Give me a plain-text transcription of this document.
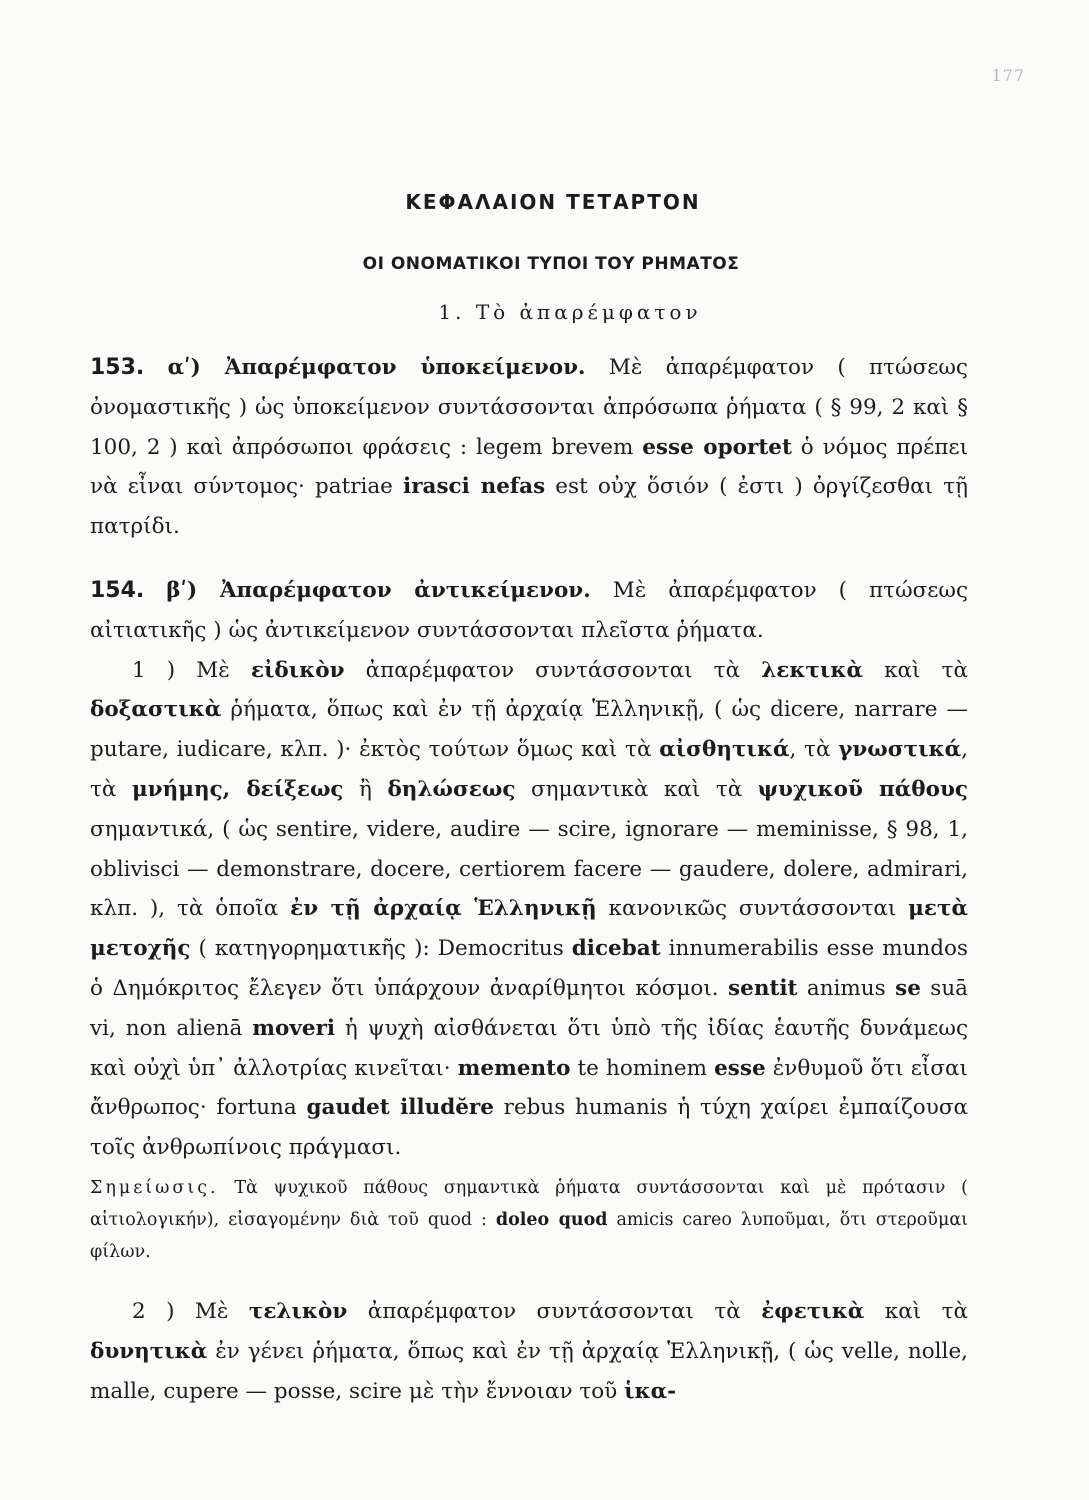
177
ΚΕΦΑΛΑΙΟΝ ΤΕΤΑΡΤΟΝ
ΟΙ ΟΝΟΜΑΤΙΚΟΙ ΤΥΠΟΙ ΤΟΥ ΡΗΜΑΤΟΣ
1. Τὸ ἀπαρέμφατον

153. αʹ) Ἀπαρέμφατον ὑποκείμενον. Μὲ ἀπαρέμφατον ( πτώσεως ὀνομαστικῆς ) ὡς ὑποκείμενον συντάσσονται ἀπρόσωπα ῥήματα ( § 99, 2 καὶ § 100, 2 ) καὶ ἀπρόσωποι φράσεις : legem brevem esse oportet ὁ νόμος πρέπει νὰ εἶναι σύντομος· patriae irasci nefas est οὐχ ὅσιόν ( ἐστι ) ὀργίζεσθαι τῇ πατρίδι.

154. βʹ) Ἀπαρέμφατον ἀντικείμενον. Μὲ ἀπαρέμφατον ( πτώσεως αἰτιατικῆς ) ὡς ἀντικείμενον συντάσσονται πλεῖστα ῥήματα.

1 ) Μὲ εἰδικὸν ἀπαρέμφατον συντάσσονται τὰ λεκτικὰ καὶ τὰ δοξαστικὰ ῥήματα, ὅπως καὶ ἐν τῇ ἀρχαίᾳ Ἑλληνικῇ, ( ὡς dicere, narrare — putare, iudicare, κλπ. )· ἐκτὸς τούτων ὅμως καὶ τὰ αἰσθητικά, τὰ γνωστικά, τὰ μνήμης, δείξεως ἢ δηλώσεως σημαντικὰ καὶ τὰ ψυχικοῦ πάθους σημαντικά, ( ὡς sentire, videre, audire — scire, ignorare — meminisse, § 98, 1, oblivisci — demonstrare, docere, certiorem facere — gaudere, dolere, admirari, κλπ. ), τὰ ὁποῖα ἐν τῇ ἀρχαίᾳ Ἑλληνικῇ κανονικῶς συντάσσονται μετὰ μετοχῆς ( κατηγορηματικῆς ): Democritus dicebat innumerabilis esse mundos ὁ Δημόκριτος ἔλεγεν ὅτι ὑπάρχουν ἀναρίθμητοι κόσμοι. sentit animus se suā vi, non alienā moveri ἡ ψυχὴ αἰσθάνεται ὅτι ὑπὸ τῆς ἰδίας ἑαυτῆς δυνάμεως καὶ οὐχὶ ὑπ᾽ ἀλλοτρίας κινεῖται· memento te hominem esse ἐνθυμοῦ ὅτι εἶσαι ἄνθρωπος· fortuna gaudet illudĕre rebus humanis ἡ τύχη χαίρει ἐμπαίζουσα τοῖς ἀνθρωπίνοις πράγμασι.

Σημείωσις. Τὰ ψυχικοῦ πάθους σημαντικὰ ῥήματα συντάσσονται καὶ μὲ πρότασιν ( αἰτιολογικήν), εἰσαγομένην διὰ τοῦ quod : doleo quod amicis careo λυποῦμαι, ὅτι στεροῦμαι φίλων.

2 ) Μὲ τελικὸν ἀπαρέμφατον συντάσσονται τὰ ἐφετικὰ καὶ τὰ δυνητικὰ ἐν γένει ῥήματα, ὅπως καὶ ἐν τῇ ἀρχαίᾳ Ἑλληνικῇ, ( ὡς velle, nolle, malle, cupere — posse, scire μὲ τὴν ἔννοιαν τοῦ ἱκα-
